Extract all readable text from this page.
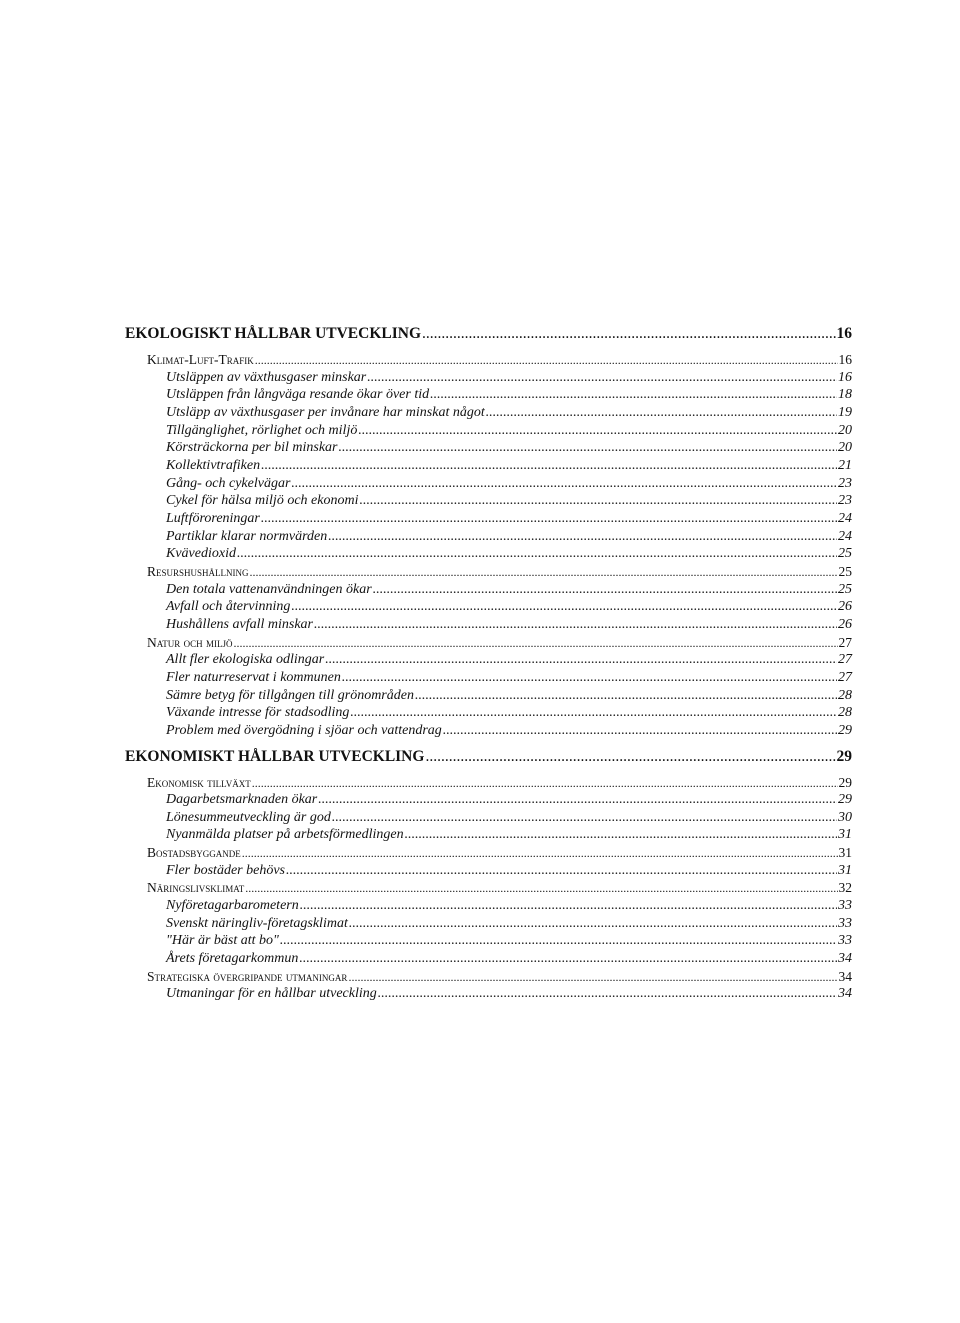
EKOLOGISKT HÅLLBAR UTVECKLING .....	16
Klimat-Luft-Trafik .....	16
Utsläppen av växthusgaser minskar .....	16
Utsläppen från långväga resande ökar över tid .....	18
Utsläpp av växthusgaser per invånare har minskat något .....	19
Tillgänglighet, rörlighet och miljö .....	20
Körsträckorna per bil minskar .....	20
Kollektivtrafiken .....	21
Gång- och cykelvägar .....	23
Cykel för hälsa miljö och ekonomi .....	23
Luftföroreningar .....	24
Partiklar klarar normvärden .....	24
Kvävedioxid .....	25
Resurshushållning .....	25
Den totala vattenanvändningen ökar .....	25
Avfall och återvinning .....	26
Hushållens avfall minskar .....	26
Natur och miljö .....	27
Allt fler ekologiska odlingar .....	27
Fler naturreservat i kommunen .....	27
Sämre betyg för tillgången till grönområden .....	28
Växande intresse för stadsodling .....	28
Problem med övergödning i sjöar och vattendrag .....	29
EKONOMISKT HÅLLBAR UTVECKLING .....	29
Ekonomisk tillväxt .....	29
Dagarbetsmarknaden ökar .....	29
Lönesummeutveckling är god .....	30
Nyanmälda platser på arbetsförmedlingen .....	31
Bostadsbyggande .....	31
Fler bostäder behövs .....	31
Näringslivsklimat .....	32
Nyföretagarbarometern .....	33
Svenskt näringliv-företagsklimat .....	33
"Här är bäst att bo" .....	33
Årets företagarkommun .....	34
Strategiska övergripande utmaningar .....	34
Utmaningar för en hållbar utveckling .....	34
